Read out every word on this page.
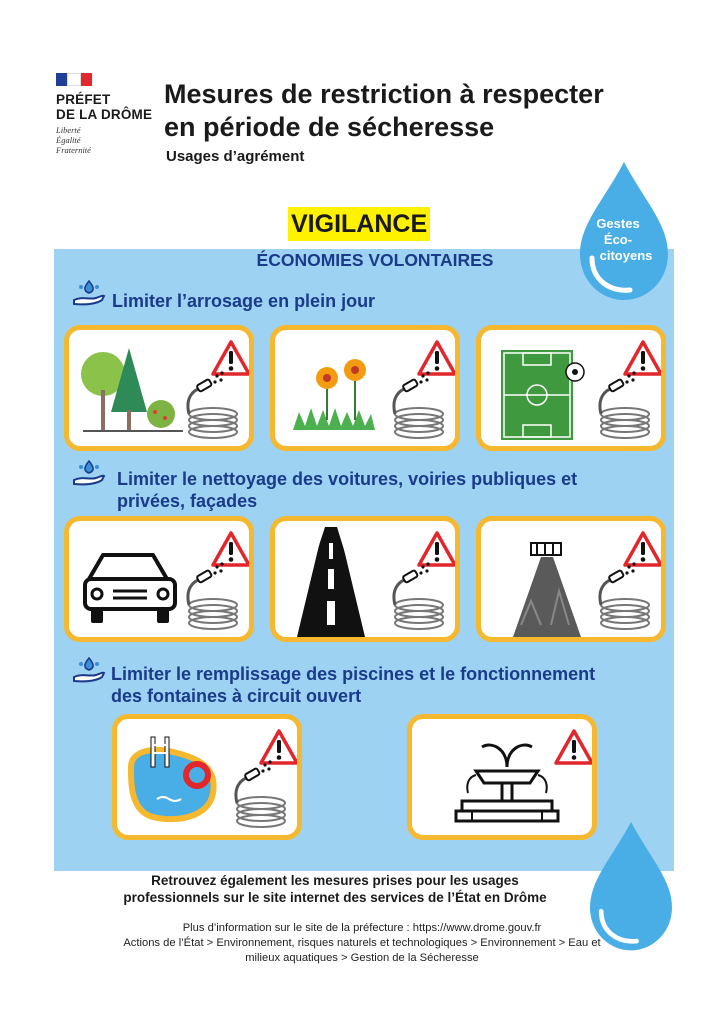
PRÉFET
DE LA DRÔME
Liberté
Égalité
Fraternité
Mesures de restriction à respecter
en période de sécheresse
Usages d’agrément
VIGILANCE
ÉCONOMIES VOLONTAIRES
Gestes
Éco-
citoyens
Limiter l’arrosage en plein jour
Limiter le nettoyage des voitures, voiries publiques et
privées, façades
Limiter le remplissage des piscines et le fonctionnement
des fontaines à circuit ouvert
Retrouvez également les mesures prises pour les usages
professionnels sur le site internet des services de l’État en Drôme
Plus d’information sur le site de la préfecture : https://www.drome.gouv.fr
Actions de l’État > Environnement, risques naturels et technologiques > Environnement > Eau et
milieux aquatiques > Gestion de la Sécheresse
